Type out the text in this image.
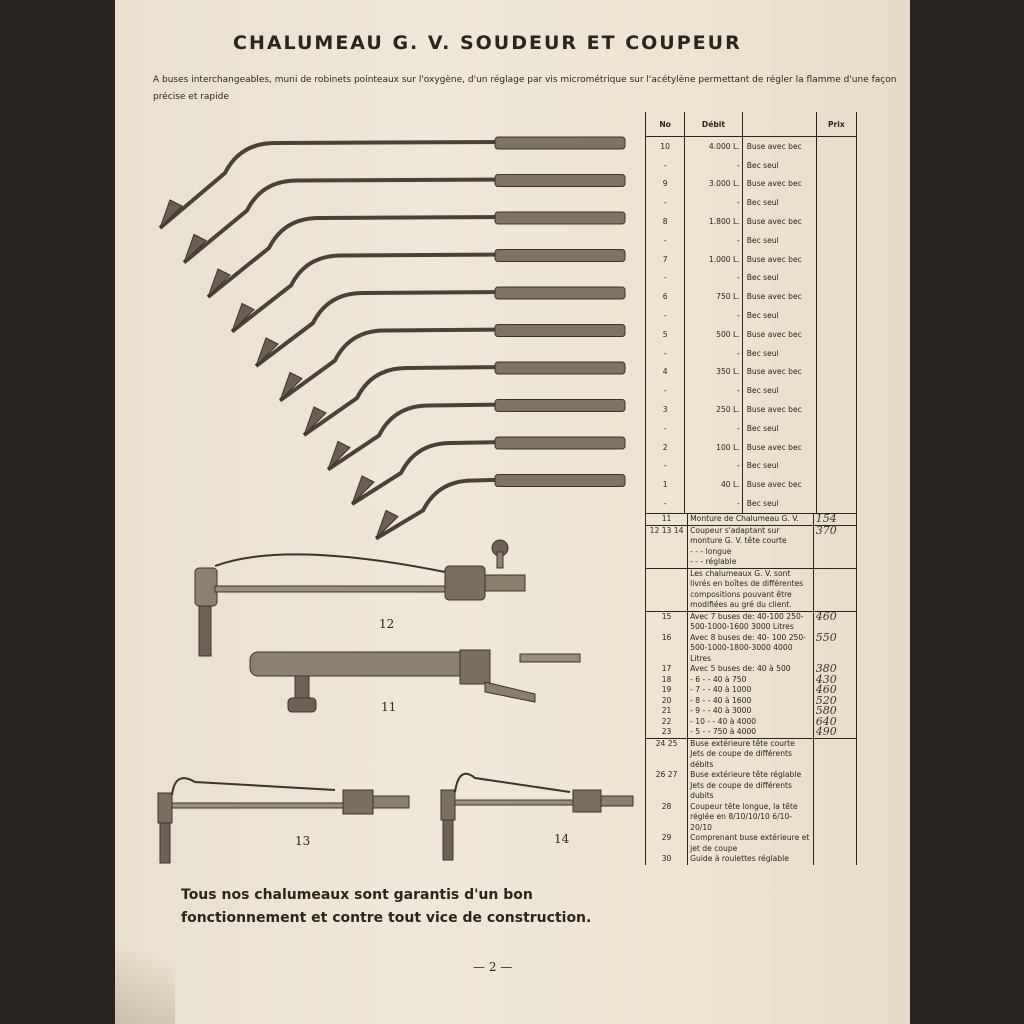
CHALUMEAU G. V. SOUDEUR ET COUPEUR
A buses interchangeables, muni de robinets pointeaux sur l'oxygène, d'un réglage par vis micrométrique sur l'acétylène permettant de régler la flamme d'une façon précise et rapide
No	Débit		Prix
10	4.000 L.	Buse avec bec	
-	-	Bec seul	
9	3.000 L.	Buse avec bec	
-	-	Bec seul	
8	1.800 L.	Buse avec bec	
-	-	Bec seul	
7	1.000 L.	Buse avec bec	
-	-	Bec seul	
6	750 L.	Buse avec bec	
-	-	Bec seul	
5	500 L.	Buse avec bec	
-	-	Bec seul	
4	350 L.	Buse avec bec	
-	-	Bec seul	
3	250 L.	Buse avec bec	
-	-	Bec seul	
2	100 L.	Buse avec bec	
-	-	Bec seul	
1	40 L.	Buse avec bec	
-	-	Bec seul	
11	Monture de Chalumeau G. V.	154
12 13 14	Coupeur s'adaptant sur monture G. V. tête courte
- - - longue
- - - réglable	370
	Les chalumeaux G. V. sont livrés en boîtes de différentes compositions pouvant être modifiées au gré du client.	
15	Avec 7 buses de: 40-100 250-500-1000-1600 3000 Litres	460
16	Avec 8 buses de: 40- 100 250-500-1000-1800-3000 4000 Litres	550
17	Avec 5 buses de: 40 à 500	380
18	- 6 - - 40 à 750	430
19	- 7 - - 40 à 1000	460
20	- 8 - - 40 à 1600	520
21	- 9 - - 40 à 3000	580
22	- 10 - - 40 à 4000	640
23	- 5 - - 750 à 4000	490
24 25	Buse extérieure tête courte
Jets de coupe de différents débits	
26 27	Buse extérieure tête réglable
Jets de coupe de différents dubits	
28	Coupeur tête longue, la tête réglée en 8/10/10/10 6/10-20/10	
29	Comprenant buse extérieure et jet de coupe	
30	Guide à roulettes réglable	
12
11
13	14
Tous nos chalumeaux sont garantis d'un bon fonctionnement et contre tout vice de construction.
— 2 —
